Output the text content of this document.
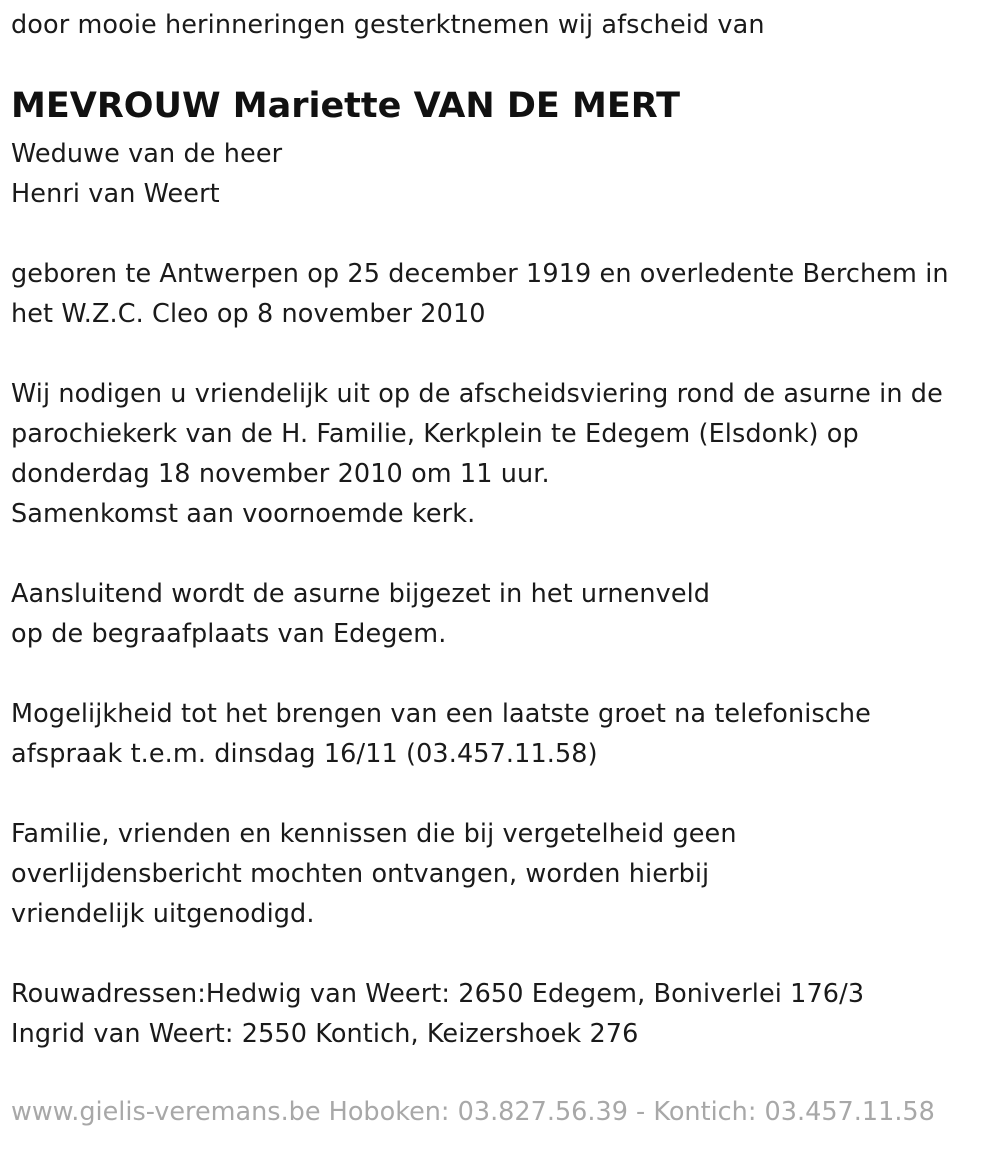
door mooie herinneringen gesterktnemen wij afscheid van
MEVROUW Mariette VAN DE MERT
Weduwe van de heer
Henri van Weert
geboren te Antwerpen op 25 december 1919 en overledente Berchem in
het W.Z.C. Cleo op 8 november 2010
Wij nodigen u vriendelijk uit op de afscheidsviering rond de asurne in de
parochiekerk van de H. Familie, Kerkplein te Edegem (Elsdonk) op
donderdag 18 november 2010 om 11 uur.
Samenkomst aan voornoemde kerk.
Aansluitend wordt de asurne bijgezet in het urnenveld
op de begraafplaats van Edegem.
Mogelijkheid tot het brengen van een laatste groet na telefonische
afspraak t.e.m. dinsdag 16/11 (03.457.11.58)
Familie, vrienden en kennissen die bij vergetelheid geen
overlijdensbericht mochten ontvangen, worden hierbij
vriendelijk uitgenodigd.
Rouwadressen:Hedwig van Weert: 2650 Edegem, Boniverlei 176/3
Ingrid van Weert: 2550 Kontich, Keizershoek 276
www.gielis-veremans.be Hoboken: 03.827.56.39 - Kontich: 03.457.11.58
